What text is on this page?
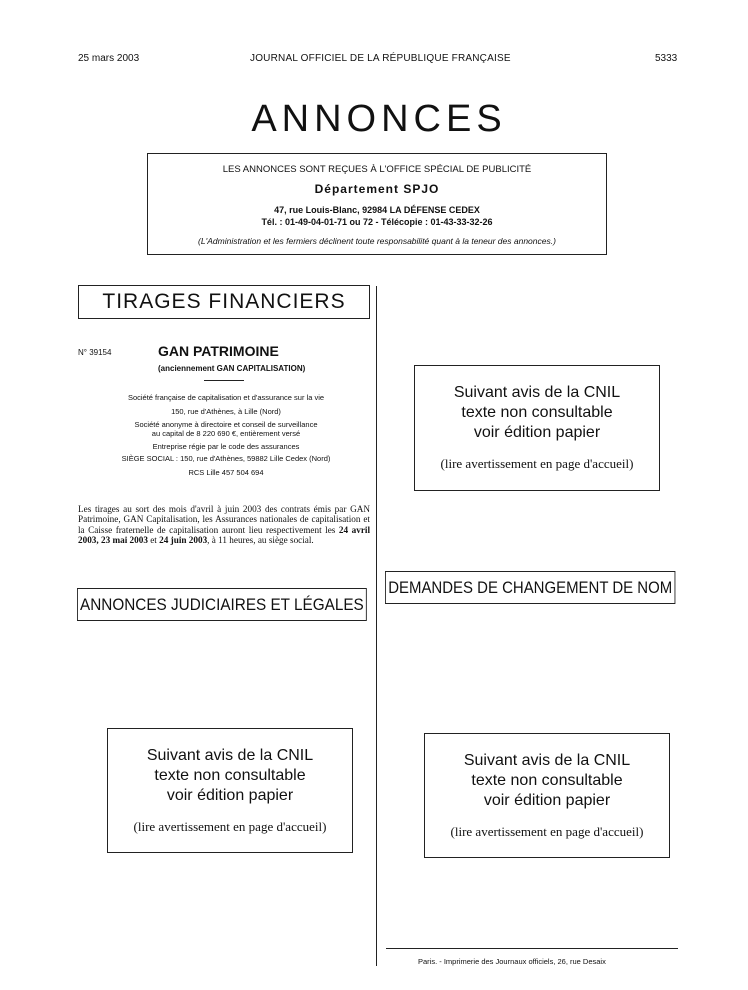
25 mars 2003	JOURNAL OFFICIEL DE LA RÉPUBLIQUE FRANÇAISE	5333
ANNONCES
LES ANNONCES SONT REÇUES À L'OFFICE SPÉCIAL DE PUBLICITÉ
Département SPJO
47, rue Louis-Blanc, 92984 LA DÉFENSE CEDEX
Tél. : 01-49-04-01-71 ou 72 - Télécopie : 01-43-33-32-26
(L'Administration et les fermiers déclinent toute responsabilité quant à la teneur des annonces.)
TIRAGES FINANCIERS
N° 39154	GAN PATRIMOINE
(anciennement GAN CAPITALISATION)
Société française de capitalisation et d'assurance sur la vie
150, rue d'Athènes, à Lille (Nord)
Société anonyme à directoire et conseil de surveillance
au capital de 8 220 690 €, entièrement versé
Entreprise régie par le code des assurances
SIÈGE SOCIAL : 150, rue d'Athènes, 59882 Lille Cedex (Nord)
RCS Lille 457 504 694
Les tirages au sort des mois d'avril à juin 2003 des contrats émis par GAN Patrimoine, GAN Capitalisation, les Assurances nationales de capitalisation et la Caisse fraternelle de capitalisation auront lieu respectivement les 24 avril 2003, 23 mai 2003 et 24 juin 2003, à 11 heures, au siège social.
ANNONCES JUDICIAIRES ET LÉGALES
DEMANDES DE CHANGEMENT DE NOM
Suivant avis de la CNIL
texte non consultable
voir édition papier
(lire avertissement en page d'accueil)
Suivant avis de la CNIL
texte non consultable
voir édition papier
(lire avertissement en page d'accueil)
Suivant avis de la CNIL
texte non consultable
voir édition papier
(lire avertissement en page d'accueil)
Paris. - Imprimerie des Journaux officiels, 26, rue Desaix
